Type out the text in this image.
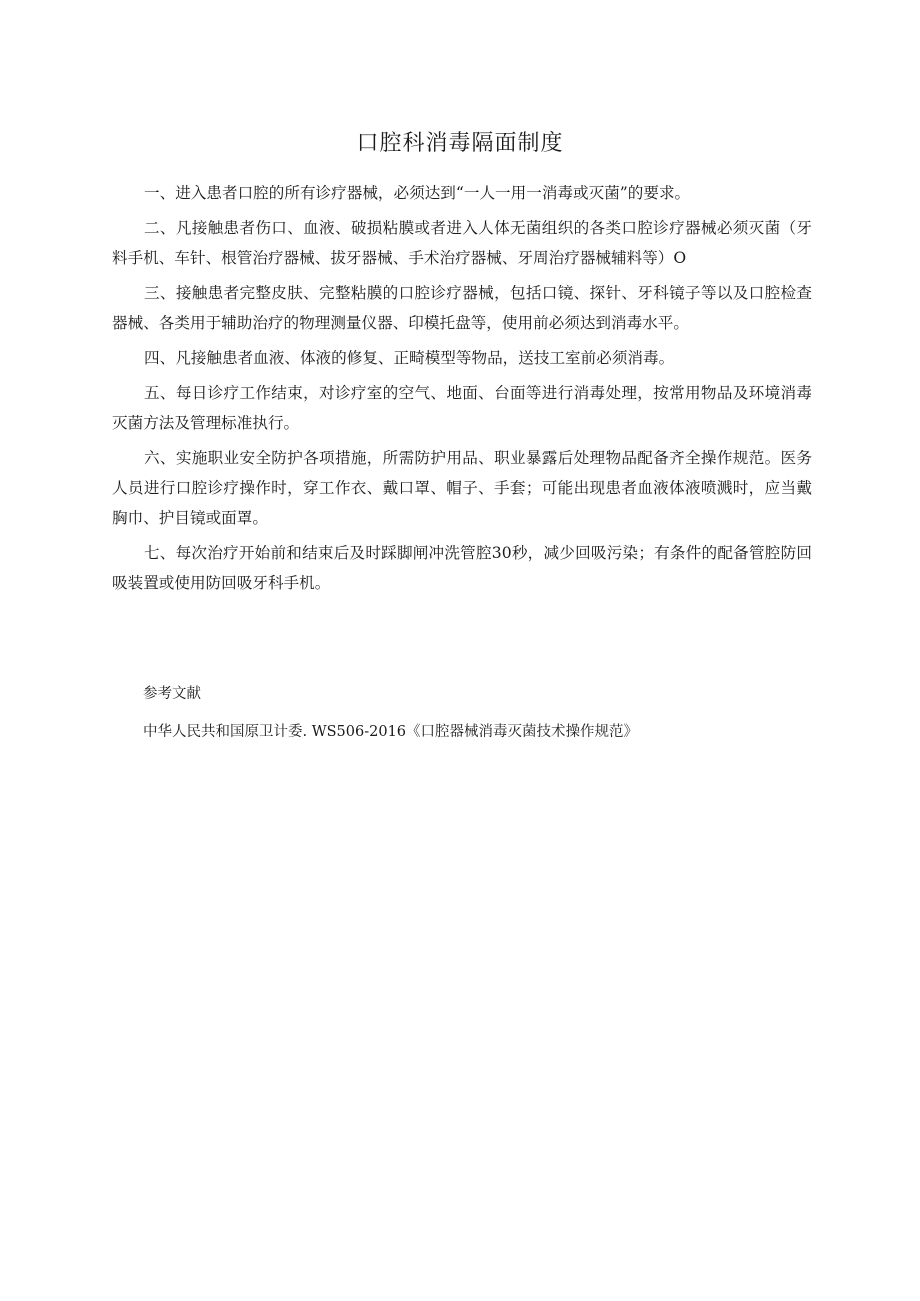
口腔科消毒隔面制度

一、进入患者口腔的所有诊疗器械，必须达到“一人一用一消毒或灭菌”的要求。

二、凡接触患者伤口、血液、破损粘膜或者进入人体无菌组织的各类口腔诊疗器械必须灭菌（牙料手机、车针、根管治疗器械、拔牙器械、手术治疗器械、牙周治疗器械辅料等）O

三、接触患者完整皮肤、完整粘膜的口腔诊疗器械，包括口镜、探针、牙科镜子等以及口腔检查器械、各类用于辅助治疗的物理测量仪器、印模托盘等，使用前必须达到消毒水平。

四、凡接触患者血液、体液的修复、正畸模型等物品，送技工室前必须消毒。

五、每日诊疗工作结束，对诊疗室的空气、地面、台面等进行消毒处理，按常用物品及环境消毒灭菌方法及管理标准执行。

六、实施职业安全防护各项措施，所需防护用品、职业暴露后处理物品配备齐全操作规范。医务人员进行口腔诊疗操作时，穿工作衣、戴口罩、帽子、手套；可能出现患者血液体液喷溅时，应当戴胸巾、护目镜或面罩。

七、每次治疗开始前和结束后及时踩脚闸冲洗管腔30秒，减少回吸污染；有条件的配备管腔防回吸装置或使用防回吸牙科手机。

参考文献

中华人民共和国原卫计委. WS506-2016《口腔器械消毒灭菌技术操作规范》
